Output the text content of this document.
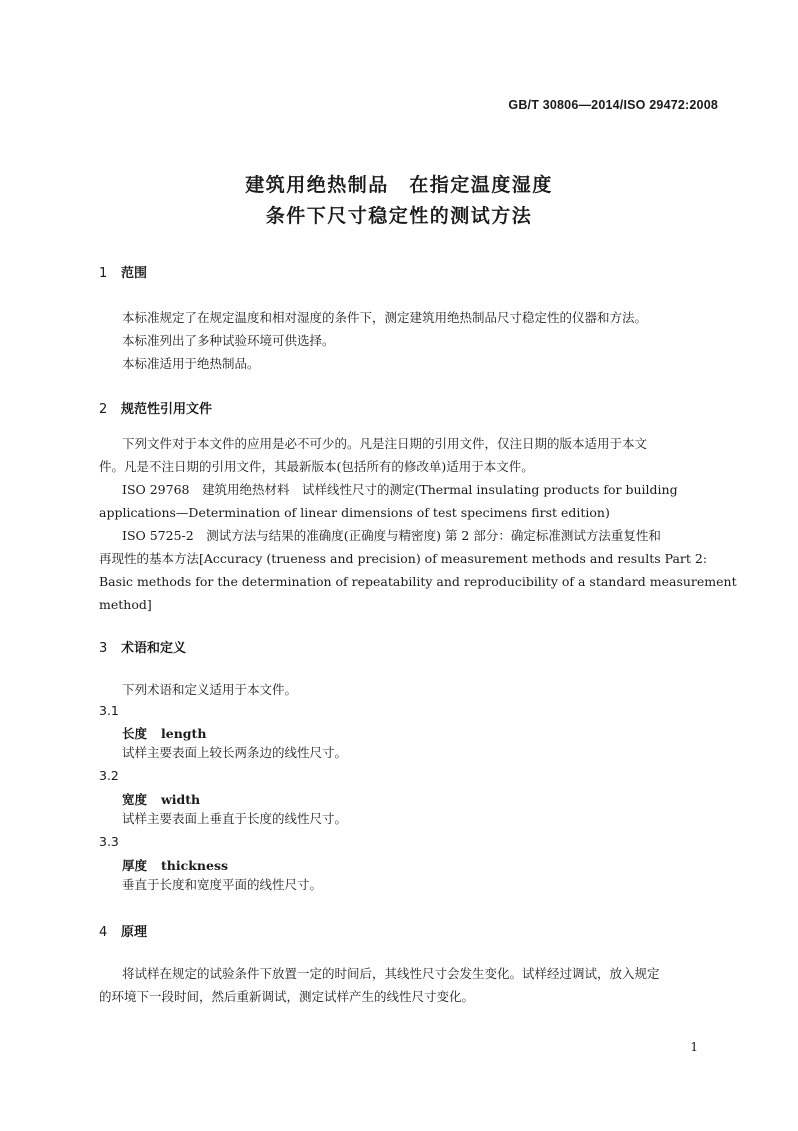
GB/T 30806—2014/ISO 29472:2008
建筑用绝热制品　在指定温度湿度
条件下尺寸稳定性的测试方法
1 范围
本标准规定了在规定温度和相对湿度的条件下，测定建筑用绝热制品尺寸稳定性的仪器和方法。
本标准列出了多种试验环境可供选择。
本标准适用于绝热制品。
2 规范性引用文件
下列文件对于本文件的应用是必不可少的。凡是注日期的引用文件，仅注日期的版本适用于本文
件。凡是不注日期的引用文件，其最新版本(包括所有的修改单)适用于本文件。
ISO 29768　建筑用绝热材料　试样线性尺寸的测定(Thermal insulating products for building
applications—Determination of linear dimensions of test specimens first edition)
ISO 5725-2　测试方法与结果的准确度(正确度与精密度) 第 2 部分：确定标准测试方法重复性和
再现性的基本方法[Accuracy (trueness and precision) of measurement methods and results Part 2:
Basic methods for the determination of repeatability and reproducibility of a standard measurement
method]
3 术语和定义
下列术语和定义适用于本文件。
3.1
长度 length
试样主要表面上较长两条边的线性尺寸。
3.2
宽度 width
试样主要表面上垂直于长度的线性尺寸。
3.3
厚度 thickness
垂直于长度和宽度平面的线性尺寸。
4 原理
将试样在规定的试验条件下放置一定的时间后，其线性尺寸会发生变化。试样经过调试，放入规定
的环境下一段时间，然后重新调试，测定试样产生的线性尺寸变化。
1
